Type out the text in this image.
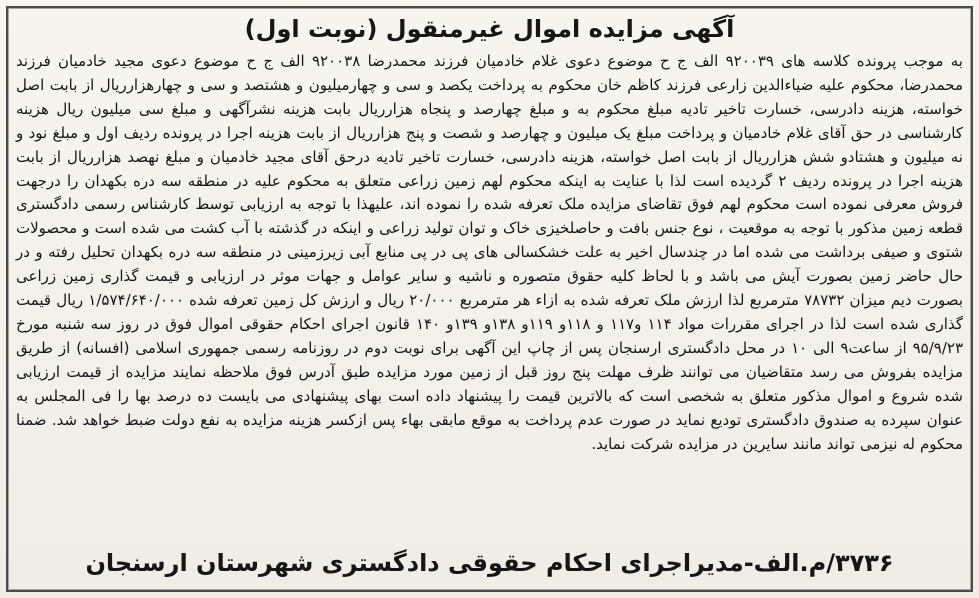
آگهی مزایده اموال غیرمنقول (نوبت اول)

به موجب پرونده کلاسه های ۹۲۰۰۳۹ الف ج ح موضوع دعوی غلام خادمیان فرزند محمدرضا ۹۲۰۰۳۸ الف ج ح موضوع دعوی مجید خادمیان فرزند محمدرضا، محکوم علیه ضیاءالدین زارعی فرزند کاظم خان محکوم به پرداخت یکصد و سی و چهارمیلیون و هشتصد و سی و چهارهزارریال از بابت اصل خواسته، هزینه دادرسی، خسارت تاخیر تادیه مبلغ محکوم به و مبلغ چهارصد و پنجاه هزارریال بابت هزینه نشرآگهی و مبلغ سی میلیون ریال هزینه کارشناسی در حق آقای غلام خادمیان و پرداخت مبلغ یک میلیون و چهارصد و شصت و پنج هزارریال از بابت هزینه اجرا در پرونده ردیف اول و مبلغ نود و نه میلیون و هشتادو شش هزارریال از بابت اصل خواسته، هزینه دادرسی، خسارت تاخیر تادیه درحق آقای مجید خادمیان و مبلغ نهصد هزارریال از بابت هزینه اجرا در پرونده ردیف ۲ گردیده است لذا با عنایت به اینکه محکوم لهم زمین زراعی متعلق به محکوم علیه در منطقه سه دره بکهدان را درجهت فروش معرفی نموده است محکوم لهم فوق تقاضای مزایده ملک تعرفه شده را نموده اند، علیهذا با توجه به ارزیابی توسط کارشناس رسمی دادگستری قطعه زمین مذکور با توجه به موقعیت ، نوع جنس بافت و حاصلخیزی خاک و توان تولید زراعی و اینکه در گذشته با آب کشت می شده است و محصولات شتوی و صیفی برداشت می شده اما در چندسال اخیر به علت خشکسالی های پی در پی منابع آبی زیرزمینی در منطقه سه دره بکهدان تحلیل رفته و در حال حاضر زمین بصورت آیش می باشد و با لحاظ کلیه حقوق متصوره و ناشیه و سایر عوامل و جهات موثر در ارزیابی و قیمت گذاری زمین زراعی بصورت دیم میزان ۷۸۷۳۲ مترمربع لذا ارزش ملک تعرفه شده به ازاء هر مترمربع ۲۰/۰۰۰ ریال و ارزش کل زمین تعرفه شده ۱/۵۷۴/۶۴۰/۰۰۰ ریال قیمت گذاری شده است لذا در اجرای مقررات مواد ۱۱۴ و۱۱۷ و ۱۱۸و ۱۱۹و ۱۳۸و ۱۳۹و ۱۴۰ قانون اجرای احکام حقوقی اموال فوق در روز سه شنبه مورخ ۹۵/۹/۲۳ از ساعت۹ الی ۱۰ در محل دادگستری ارسنجان پس از چاپ این آگهی برای نوبت دوم در روزنامه رسمی جمهوری اسلامی (افسانه) از طریق مزایده بفروش می رسد متقاضیان می توانند ظرف مهلت پنج روز قبل از زمین مورد مزایده طبق آدرس فوق ملاحظه نمایند مزایده از قیمت ارزیابی شده شروع و اموال مذکور متعلق به شخصی است که بالاترین قیمت را پیشنهاد داده است بهای پیشنهادی می بایست ده درصد بها را فی المجلس به عنوان سپرده به صندوق دادگستری تودیع نماید در صورت عدم پرداخت به موقع مابقی بهاء پس ازکسر هزینه مزایده به نفع دولت ضبط خواهد شد. ضمنا محکوم له نیزمی تواند مانند سایرین در مزایده شرکت نماید.

۳۷۳۶/م.الف-مدیراجرای احکام حقوقی دادگستری شهرستان ارسنجان
